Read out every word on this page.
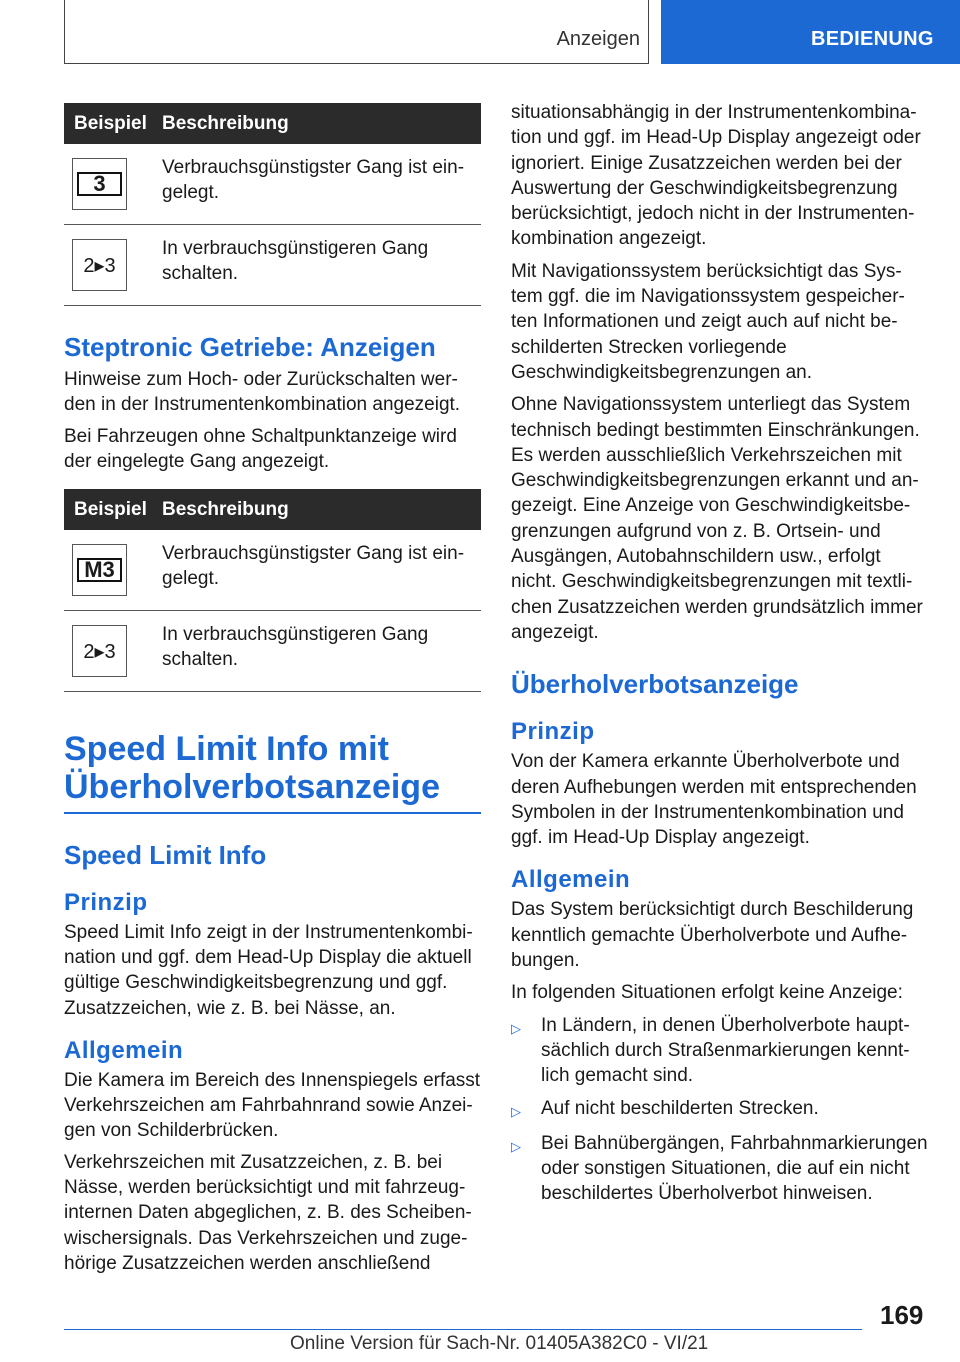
Anzeigen	BEDIENUNG
Beispiel	Beschreibung

3	Verbrauchsgünstigster Gang ist ein-gelegt.

2▸3	In verbrauchsgünstigeren Gang schalten.
Steptronic Getriebe: Anzeigen

Hinweise zum Hoch- oder Zurückschalten wer-den in der Instrumentenkombination angezeigt.

Bei Fahrzeugen ohne Schaltpunktanzeige wird der eingelegte Gang angezeigt.

Beispiel	Beschreibung

M3	Verbrauchsgünstigster Gang ist ein-gelegt.

2▸3	In verbrauchsgünstigeren Gang schalten.
Speed Limit Info mit Überholverbotsanzeige
Speed Limit Info
Prinzip

Speed Limit Info zeigt in der Instrumentenkombi-nation und ggf. dem Head-Up Display die aktuell gültige Geschwindigkeitsbegrenzung und ggf. Zusatzzeichen, wie z. B. bei Nässe, an.

Allgemein

Die Kamera im Bereich des Innenspiegels erfasst Verkehrszeichen am Fahrbahnrand sowie Anzei-gen von Schilderbrücken.

Verkehrszeichen mit Zusatzzeichen, z. B. bei Nässe, werden berücksichtigt und mit fahrzeug-internen Daten abgeglichen, z. B. des Scheiben-wischersignals. Das Verkehrszeichen und zuge-hörige Zusatzzeichen werden anschließend

situationsabhängig in der Instrumentenkombina-tion und ggf. im Head-Up Display angezeigt oder ignoriert. Einige Zusatzzeichen werden bei der Auswertung der Geschwindigkeitsbegrenzung berücksichtigt, jedoch nicht in der Instrumenten-kombination angezeigt.

Mit Navigationssystem berücksichtigt das Sys-tem ggf. die im Navigationssystem gespeicher-ten Informationen und zeigt auch auf nicht be-schilderten Strecken vorliegende Geschwindigkeitsbegrenzungen an.

Ohne Navigationssystem unterliegt das System technisch bedingt bestimmten Einschränkungen. Es werden ausschließlich Verkehrszeichen mit Geschwindigkeitsbegrenzungen erkannt und an-gezeigt. Eine Anzeige von Geschwindigkeitsbe-grenzungen aufgrund von z. B. Ortsein- und Ausgängen, Autobahnschildern usw., erfolgt nicht. Geschwindigkeitsbegrenzungen mit textli-chen Zusatzzeichen werden grundsätzlich immer angezeigt.

Überholverbotsanzeige
Prinzip

Von der Kamera erkannte Überholverbote und deren Aufhebungen werden mit entsprechenden Symbolen in der Instrumentenkombination und ggf. im Head-Up Display angezeigt.

Allgemein

Das System berücksichtigt durch Beschilderung kenntlich gemachte Überholverbote und Aufhe-bungen.

In folgenden Situationen erfolgt keine Anzeige:

▷	In Ländern, in denen Überholverbote haupt-sächlich durch Straßenmarkierungen kennt-lich gemacht sind.
▷	Auf nicht beschilderten Strecken.
▷	Bei Bahnübergängen, Fahrbahnmarkierungen oder sonstigen Situationen, die auf ein nicht beschildertes Überholverbot hinweisen.
169
Online Version für Sach-Nr. 01405A382C0 - VI/21
